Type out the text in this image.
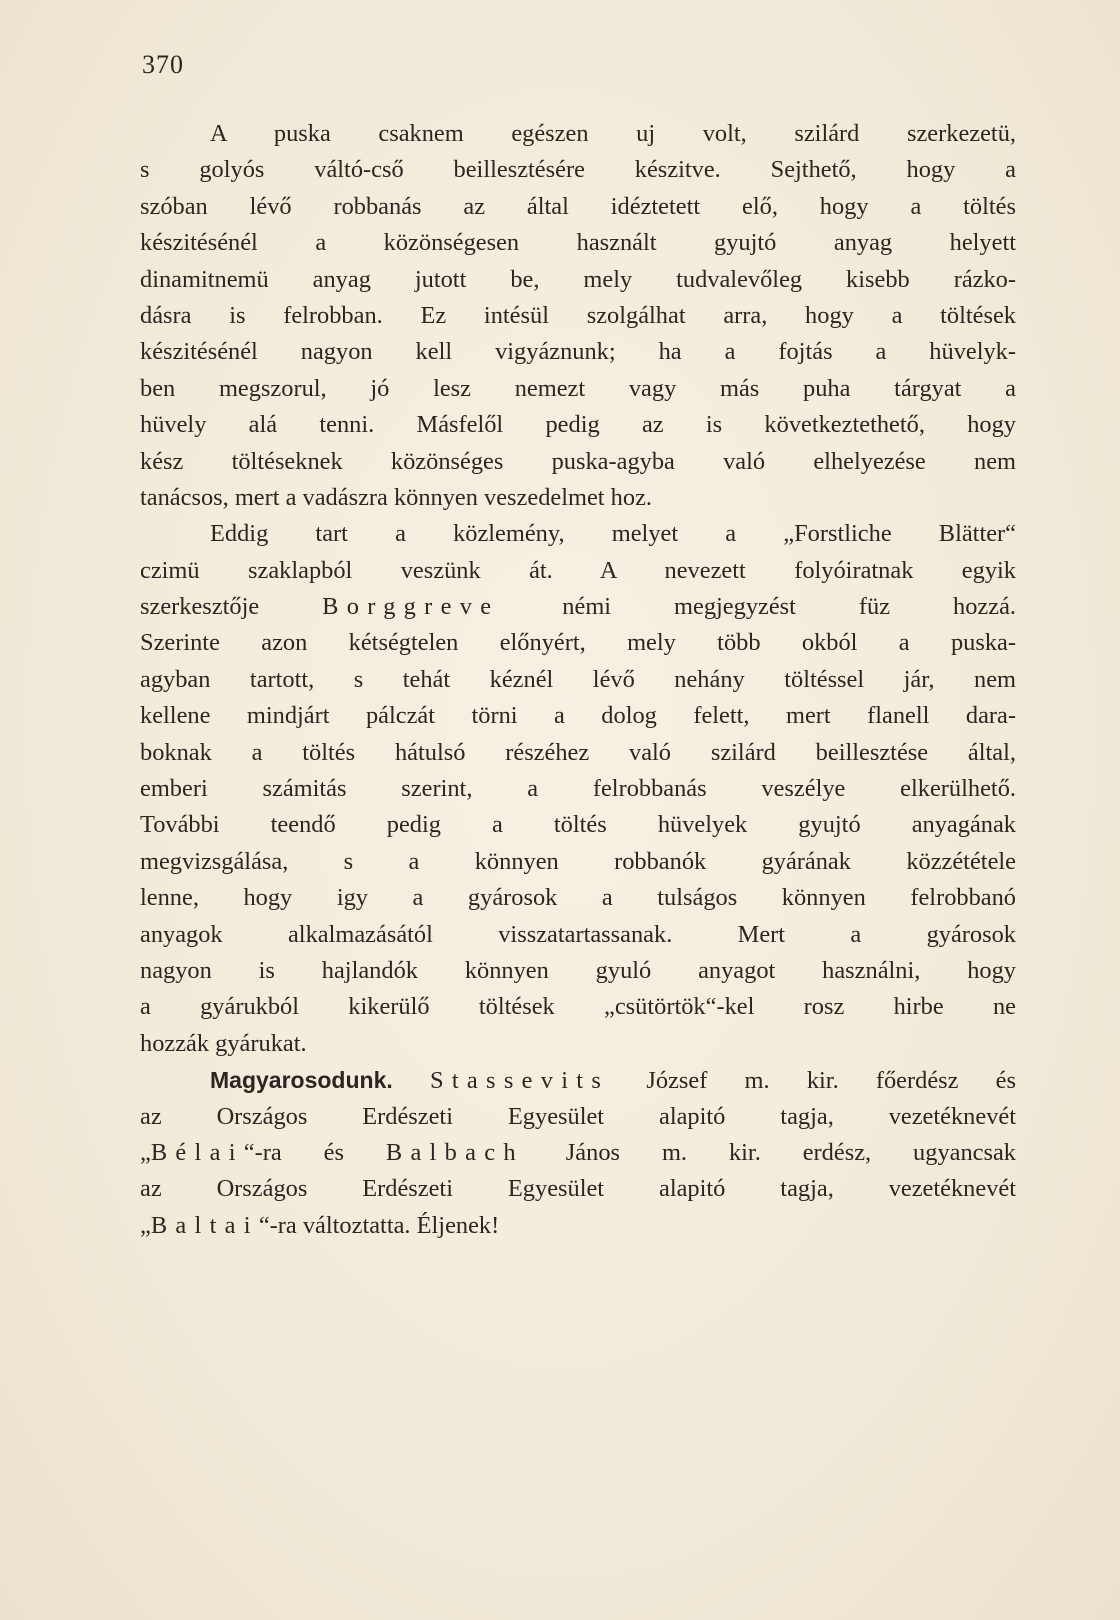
370
A puska csaknem egészen uj volt, szilárd szerkezetü,
s golyós váltó-cső beillesztésére készitve. Sejthető, hogy a
szóban lévő robbanás az által idéztetett elő, hogy a töltés
készitésénél a közönségesen használt gyujtó anyag helyett
dinamitnemü anyag jutott be, mely tudvalevőleg kisebb rázko-
dásra is felrobban. Ez intésül szolgálhat arra, hogy a töltések
készitésénél nagyon kell vigyáznunk; ha a fojtás a hüvelyk-
ben megszorul, jó lesz nemezt vagy más puha tárgyat a
hüvely alá tenni. Másfelől pedig az is következtethető, hogy
kész töltéseknek közönséges puska-agyba való elhelyezése nem
tanácsos, mert a vadászra könnyen veszedelmet hoz.
Eddig tart a közlemény, melyet a „Forstliche Blätter“
czimü szaklapból veszünk át. A nevezett folyóiratnak egyik
szerkesztője Borggreve némi megjegyzést füz hozzá.
Szerinte azon kétségtelen előnyért, mely több okból a puska-
agyban tartott, s tehát kéznél lévő nehány töltéssel jár, nem
kellene mindjárt pálczát törni a dolog felett, mert flanell dara-
boknak a töltés hátulsó részéhez való szilárd beillesztése által,
emberi számitás szerint, a felrobbanás veszélye elkerülhető.
További teendő pedig a töltés hüvelyek gyujtó anyagának
megvizsgálása, s a könnyen robbanók gyárának közzététele
lenne, hogy igy a gyárosok a tulságos könnyen felrobbanó
anyagok alkalmazásától visszatartassanak. Mert a gyárosok
nagyon is hajlandók könnyen gyuló anyagot használni, hogy
a gyárukból kikerülő töltések „csütörtök“-kel rosz hirbe ne
hozzák gyárukat.
Magyarosodunk. Stassevits József m. kir. főerdész és
az Országos Erdészeti Egyesület alapitó tagja, vezetéknevét
„Bélai“-ra és Balbach János m. kir. erdész, ugyancsak
az Országos Erdészeti Egyesület alapitó tagja, vezetéknevét
„Baltai“-ra változtatta. Éljenek!
